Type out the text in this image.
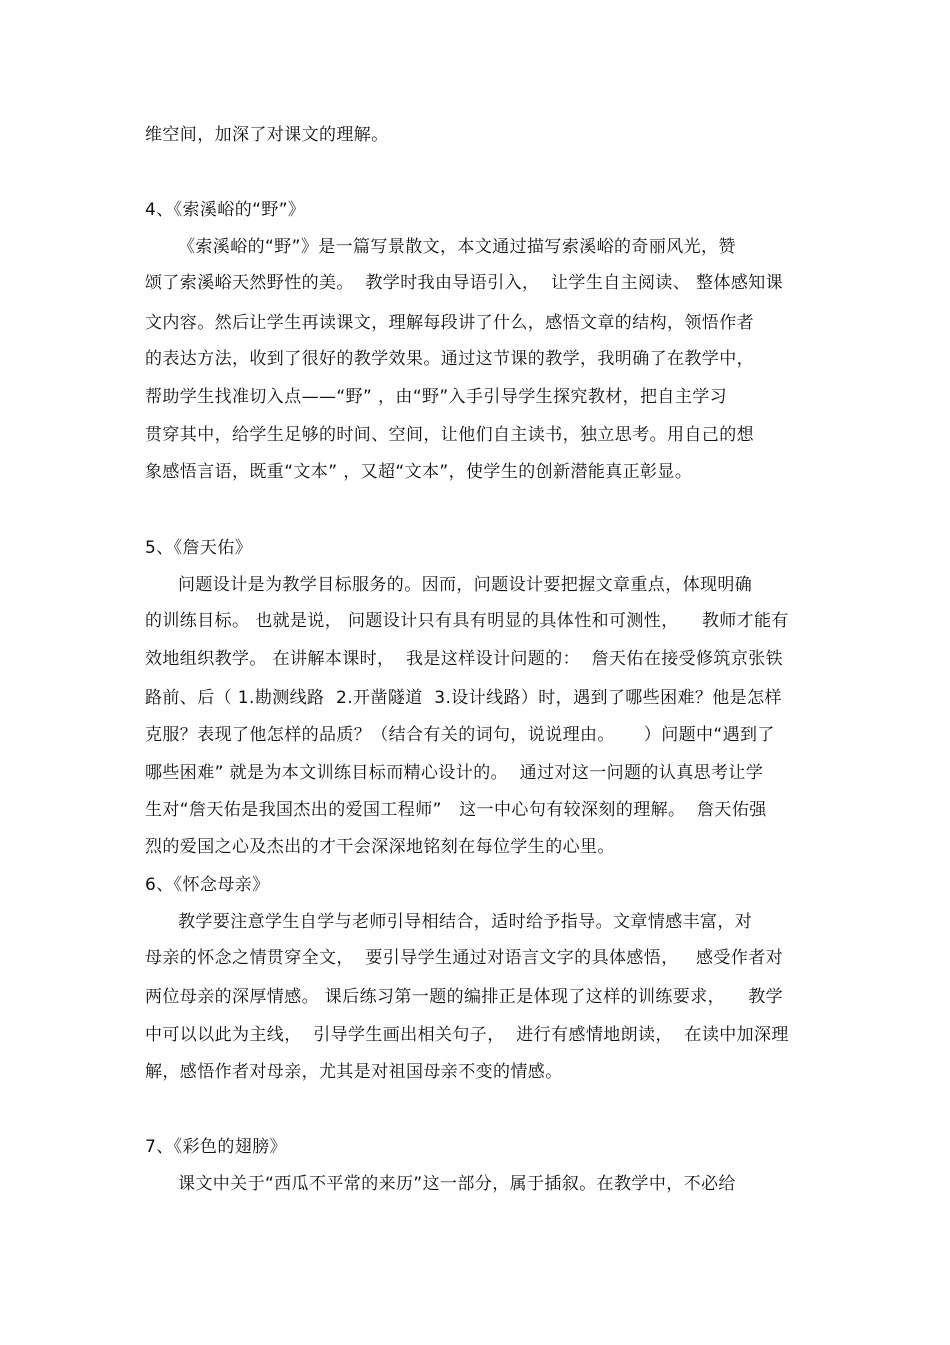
维空间，加深了对课文的理解。
4、《索溪峪的“野”》
《索溪峪的“野”》是一篇写景散文，本文通过描写索溪峪的奇丽风光，赞
颂了索溪峪天然野性的美。  教学时我由导语引入，  让学生自主阅读、 整体感知课
文内容。然后让学生再读课文，理解每段讲了什么，感悟文章的结构，领悟作者
的表达方法，收到了很好的教学效果。通过这节课的教学，我明确了在教学中，
帮助学生找准切入点——“野” ，由“野”入手引导学生探究教材，把自主学习
贯穿其中，给学生足够的时间、空间，让他们自主读书，独立思考。用自己的想
象感悟言语，既重“文本” ，又超“文本”，使学生的创新潜能真正彰显。
5、《詹天佑》
问题设计是为教学目标服务的。因而，问题设计要把握文章重点，体现明确
的训练目标。 也就是说， 问题设计只有具有明显的具体性和可测性，    教师才能有
效地组织教学。 在讲解本课时，  我是这样设计问题的：  詹天佑在接受修筑京张铁
路前、后（ 1.勘测线路  2.开凿隧道  3.设计线路）时，遇到了哪些困难？他是怎样
克服？表现了他怎样的品质？（结合有关的词句，说说理由。     ）问题中“遇到了
哪些困难” 就是为本文训练目标而精心设计的。  通过对这一问题的认真思考让学
生对“詹天佑是我国杰出的爱国工程师”   这一中心句有较深刻的理解。  詹天佑强
烈的爱国之心及杰出的才干会深深地铭刻在每位学生的心里。
6、《怀念母亲》
教学要注意学生自学与老师引导相结合，适时给予指导。文章情感丰富，对
母亲的怀念之情贯穿全文，  要引导学生通过对语言文字的具体感悟，   感受作者对
两位母亲的深厚情感。 课后练习第一题的编排正是体现了这样的训练要求，    教学
中可以以此为主线，  引导学生画出相关句子，  进行有感情地朗读，  在读中加深理
解，感悟作者对母亲，尤其是对祖国母亲不变的情感。
7、《彩色的翅膀》
课文中关于“西瓜不平常的来历”这一部分，属于插叙。在教学中，不必给
